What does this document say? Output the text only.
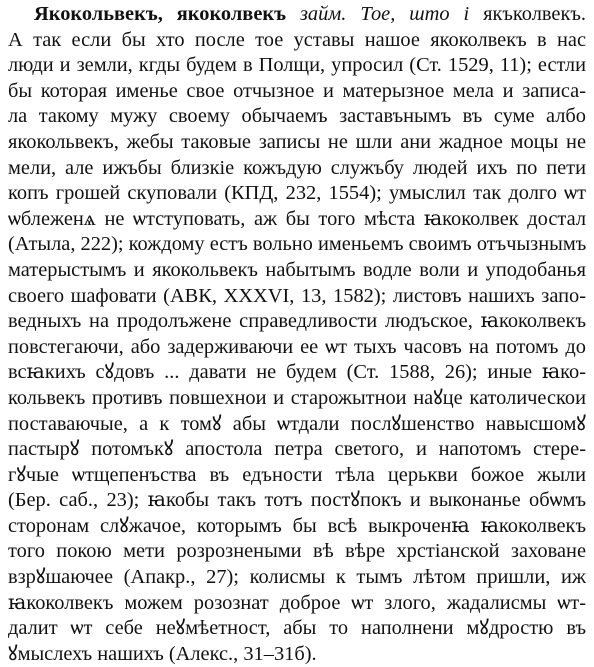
Якокольвекъ, якоколвекъ займ. Тое, што і якъколвекъ.
А так если бы хто после тое уставы нашое якоколвекъ в нас
люди и земли, кгды будем в Полщи, упросил (Ст. 1529, 11); естли
бы которая именье свое отчызное и матерызное мела и записа-
лa такому мужу своему обычаемъ заставънымъ въ суме албо
якокольвекъ, жебы таковые записы не шли ани жадное моцы не
мели, але ижъбы близкіе кожъдую служъбу людей ихъ по пети
копъ грошей скуповали (КПД, 232, 1554); умыслил так долго ѡт
ѡблеженѧ не ѡтступовать, аж бы того мѣста ꙗкоколвек достал
(Атыла, 222); кождому естъ вольно именьемъ своимъ отъчызнымъ
матерыстымъ и якокольвекъ набытымъ водле воли и уподобанья
своего шафовати (АВК, XXXVI, 13, 1582); листовъ нашихъ запо-
ведныхъ на продолъжене справедливости людъское, ꙗкоколвекъ
повстегаючи, або задерживаючи ее ѡт тыхъ часовъ на потомъ до
всꙗкихъ сꙋдовъ ... давати не будем (Ст. 1588, 26); иные ꙗко-
кольвекъ противъ повшехнои и старожытнои наꙋце католическои
поставаючые, а к томꙋ абы ѡтдали послꙋшенство навысшомꙋ
пастырꙋ потомъкꙋ апостола петра светого, и напотомъ стере-
гꙋчые ѡтщепенъства въ едъности тѣла церькви божое жыли
(Бер. саб., 23); ꙗкобы такъ тотъ постꙋпокъ и выконанье обѡмъ
сторонам слꙋжачое, которымъ бы всѣ выкроченꙗ ꙗкоколвекъ
того покою мети розрознеными вѣ вѣре хрстіанской захованe
взрꙋшаючее (Апакр., 27); колисмы к тымъ лѣтом пришли, иж
ꙗкоколвекъ можем розознат доброе ѡт злого, жадалисмы ѡт-
далит ѡт себе неꙋмѣетност, абы то наполнени мꙋдростю въ
ꙋмыслехъ нашихъ (Алекс., 31–31б).
